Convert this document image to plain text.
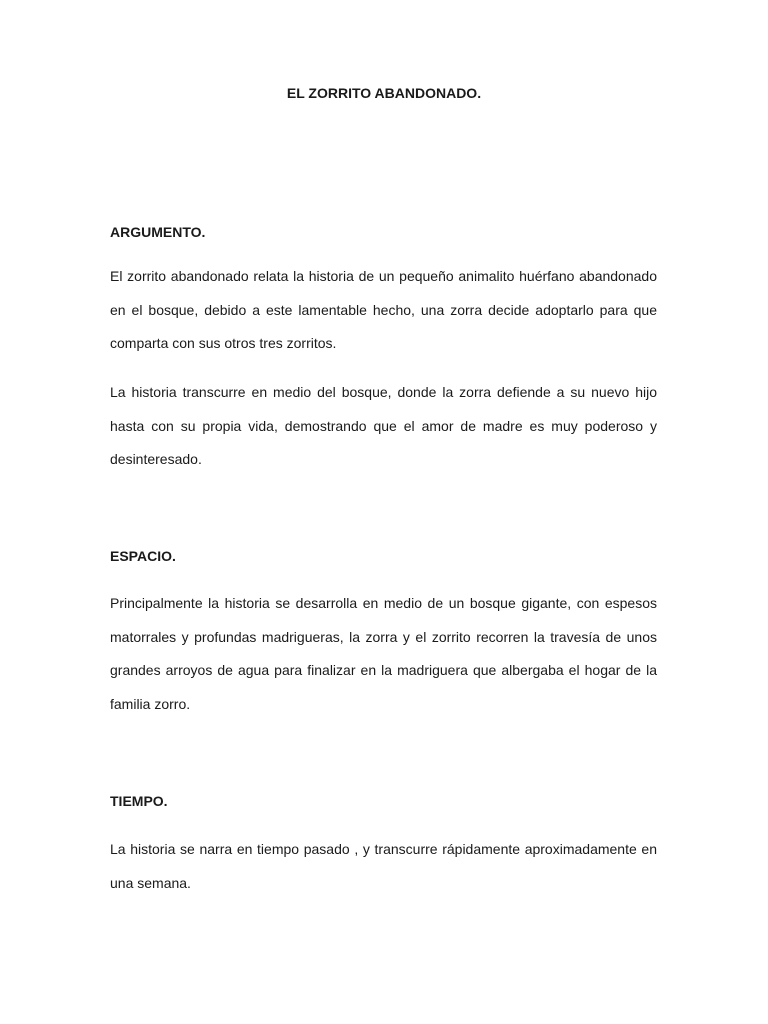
EL ZORRITO ABANDONADO.
ARGUMENTO.

El zorrito abandonado relata la historia de un pequeño animalito huérfano abandonado en el bosque, debido a este lamentable hecho, una zorra decide adoptarlo para que comparta con sus otros tres zorritos.

La historia transcurre en medio del bosque, donde la zorra defiende a su nuevo hijo hasta con su propia vida, demostrando que el amor de madre es muy poderoso y desinteresado.

ESPACIO.

Principalmente la historia se desarrolla en medio de un bosque gigante, con espesos matorrales y profundas madrigueras, la zorra y el zorrito recorren la travesía de unos grandes arroyos de agua para finalizar en la madriguera que albergaba el hogar de la familia zorro.

TIEMPO.

La historia se narra en tiempo pasado , y transcurre rápidamente aproximadamente en una semana.
